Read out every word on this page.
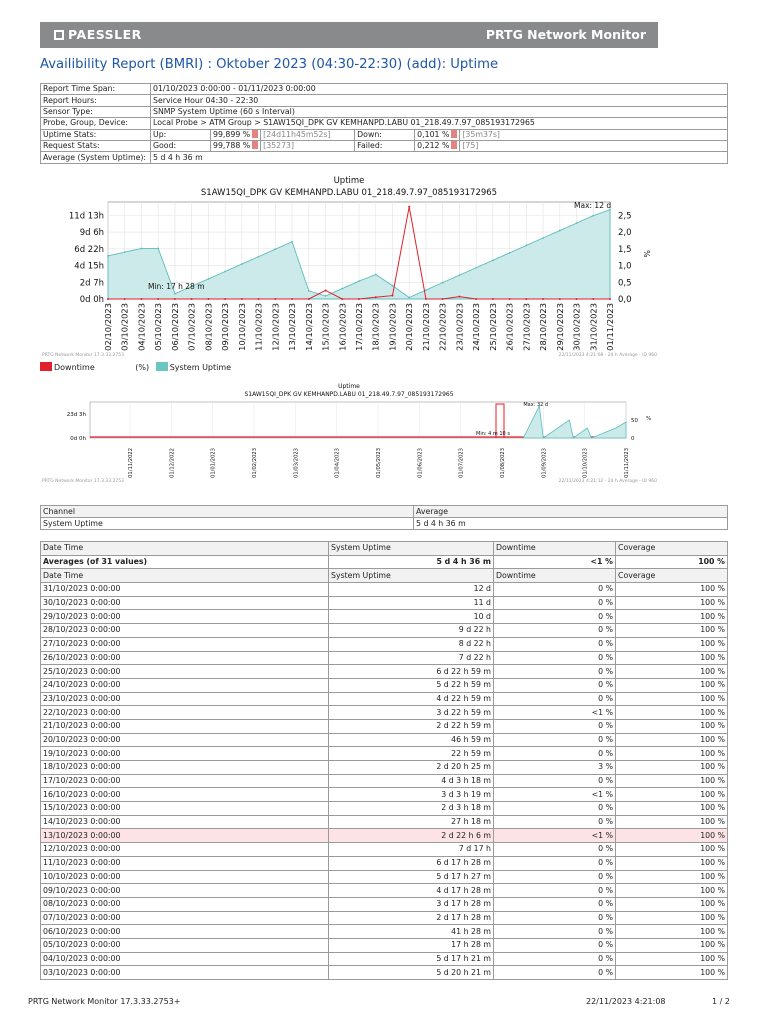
PAESSLER	PRTG Network Monitor
Availibility Report (BMRI) : Oktober 2023 (04:30-22:30) (add): Uptime
Report Time Span:	01/10/2023 0:00:00 - 01/11/2023 0:00:00					
Report Hours:	Service Hour 04:30 - 22:30					
Sensor Type:	SNMP System Uptime (60 s Interval)					
Probe, Group, Device:	Local Probe > ATM Group > S1AW15QI_DPK GV KEMHANPD.LABU 01_218.49.7.97_085193172965					
Uptime Stats:	Up:	99,899 %	[24d11h45m52s]	Down:	0,101 %	[35m37s]
Request Stats:	Good:	99,788 %	[35273]	Failed:	0,212 %	[75]
Average (System Uptime):	5 d 4 h 36 m					
Uptime
S1AW15QI_DPK GV KEMHANPD.LABU 01_218.49.7.97_085193172965
0d 0h
2d 7h
4d 15h
6d 22h
9d 6h
11d 13h
0,0
0,5
1,0
1,5
2,0
2,5
%
02/10/2023 03/10/2023 04/10/2023 05/10/2023 06/10/2023 07/10/2023 08/10/2023 09/10/2023 10/10/2023 11/10/2023 12/10/2023 13/10/2023 14/10/2023 15/10/2023 16/10/2023 17/10/2023 18/10/2023 19/10/2023 20/10/2023 21/10/2023 22/10/2023 23/10/2023 24/10/2023 25/10/2023 26/10/2023 27/10/2023 28/10/2023 29/10/2023 30/10/2023 31/10/2023 01/11/2023
Max: 12 d
Min: 17 h 28 m
PRTG Network Monitor 17.3.33.2753	22/11/2023 4:21:08 - 24 h Average - ID 960
Downtime	(%)	System Uptime
Uptime
S1AW15QI_DPK GV KEMHANPD.LABU 01_218.49.7.97_085193172965
0d 0h
23d 3h
0
50 %
01/11/2022	01/12/2022	01/01/2023	01/02/2023	01/03/2023	01/04/2023	01/05/2023	01/06/2023	01/07/2023	01/08/2023	01/09/2023	01/10/2023	01/11/2023
Max: 32 d
Min: 4 m 10 s
PRTG Network Monitor 17.3.33.2753	22/11/2023 4:21:12 - 24 h Average - ID 960
Channel	Average
System Uptime	5 d 4 h 36 m
Date Time	System Uptime	Downtime	Coverage
Averages (of 31 values)	5 d 4 h 36 m	<1 %	100 %
Date Time	System Uptime	Downtime	Coverage
31/10/2023 0:00:00	12 d	0 %	100 %
30/10/2023 0:00:00	11 d	0 %	100 %
29/10/2023 0:00:00	10 d	0 %	100 %
28/10/2023 0:00:00	9 d 22 h	0 %	100 %
27/10/2023 0:00:00	8 d 22 h	0 %	100 %
26/10/2023 0:00:00	7 d 22 h	0 %	100 %
25/10/2023 0:00:00	6 d 22 h 59 m	0 %	100 %
24/10/2023 0:00:00	5 d 22 h 59 m	0 %	100 %
23/10/2023 0:00:00	4 d 22 h 59 m	0 %	100 %
22/10/2023 0:00:00	3 d 22 h 59 m	<1 %	100 %
21/10/2023 0:00:00	2 d 22 h 59 m	0 %	100 %
20/10/2023 0:00:00	46 h 59 m	0 %	100 %
19/10/2023 0:00:00	22 h 59 m	0 %	100 %
18/10/2023 0:00:00	2 d 20 h 25 m	3 %	100 %
17/10/2023 0:00:00	4 d 3 h 18 m	0 %	100 %
16/10/2023 0:00:00	3 d 3 h 19 m	<1 %	100 %
15/10/2023 0:00:00	2 d 3 h 18 m	0 %	100 %
14/10/2023 0:00:00	27 h 18 m	0 %	100 %
13/10/2023 0:00:00	2 d 22 h 6 m	<1 %	100 %
12/10/2023 0:00:00	7 d 17 h	0 %	100 %
11/10/2023 0:00:00	6 d 17 h 28 m	0 %	100 %
10/10/2023 0:00:00	5 d 17 h 27 m	0 %	100 %
09/10/2023 0:00:00	4 d 17 h 28 m	0 %	100 %
08/10/2023 0:00:00	3 d 17 h 28 m	0 %	100 %
07/10/2023 0:00:00	2 d 17 h 28 m	0 %	100 %
06/10/2023 0:00:00	41 h 28 m	0 %	100 %
05/10/2023 0:00:00	17 h 28 m	0 %	100 %
04/10/2023 0:00:00	5 d 17 h 21 m	0 %	100 %
03/10/2023 0:00:00	5 d 20 h 21 m	0 %	100 %
PRTG Network Monitor 17.3.33.2753+	22/11/2023 4:21:08	1 / 2
